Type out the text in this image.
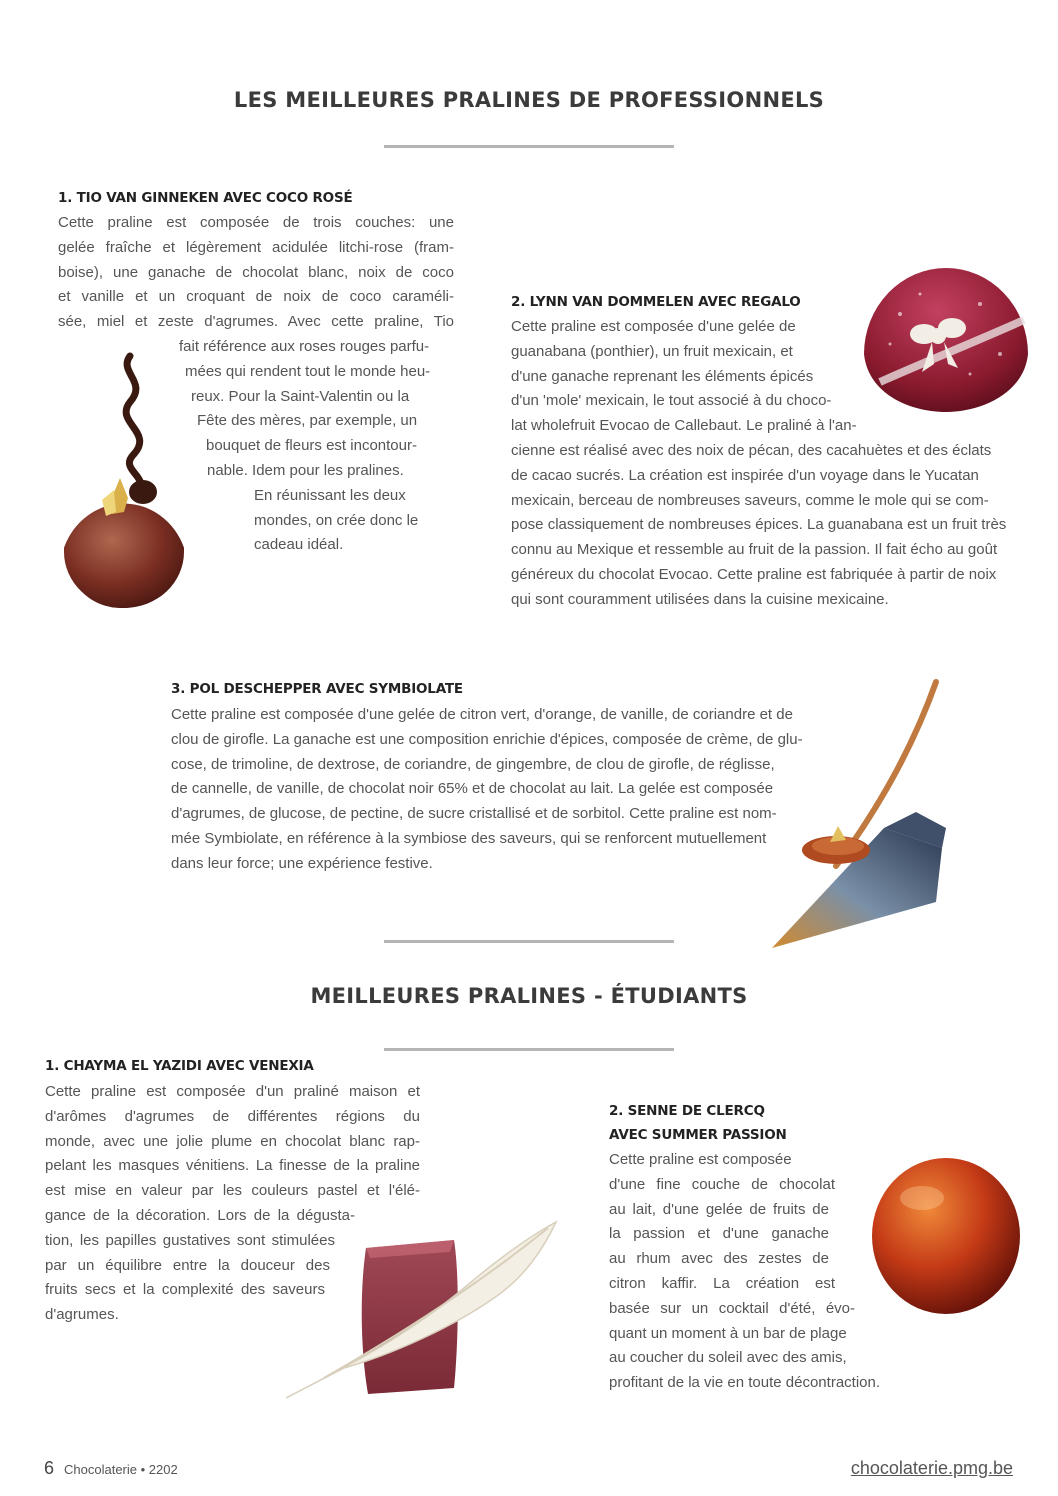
LES MEILLEURES PRALINES DE PROFESSIONNELS

1. TIO VAN GINNEKEN AVEC COCO ROSÉ

Cette praline est composée de trois couches: une
gelée fraîche et légèrement acidulée litchi-rose (fram-
boise), une ganache de chocolat blanc, noix de coco
et vanille et un croquant de noix de coco caraméli-
sée, miel et zeste d'agrumes. Avec cette praline, Tio
fait référence aux roses rouges parfu-
mées qui rendent tout le monde heu-
reux. Pour la Saint-Valentin ou la
Fête des mères, par exemple, un
bouquet de fleurs est incontour-
nable. Idem pour les pralines.
En réunissant les deux
mondes, on crée donc le
cadeau idéal.

2. LYNN VAN DOMMELEN AVEC REGALO

Cette praline est composée d'une gelée de
guanabana (ponthier), un fruit mexicain, et
d'une ganache reprenant les éléments épicés
d'un 'mole' mexicain, le tout associé à du choco-
lat wholefruit Evocao de Callebaut. Le praliné à l'an-
cienne est réalisé avec des noix de pécan, des cacahuètes et des éclats
de cacao sucrés. La création est inspirée d'un voyage dans le Yucatan
mexicain, berceau de nombreuses saveurs, comme le mole qui se com-
pose classiquement de nombreuses épices. La guanabana est un fruit très
connu au Mexique et ressemble au fruit de la passion. Il fait écho au goût
généreux du chocolat Evocao. Cette praline est fabriquée à partir de noix
qui sont couramment utilisées dans la cuisine mexicaine.

3. POL DESCHEPPER AVEC SYMBIOLATE

Cette praline est composée d'une gelée de citron vert, d'orange, de vanille, de coriandre et de
clou de girofle. La ganache est une composition enrichie d'épices, composée de crème, de glu-
cose, de trimoline, de dextrose, de coriandre, de gingembre, de clou de girofle, de réglisse,
de cannelle, de vanille, de chocolat noir 65% et de chocolat au lait. La gelée est composée
d'agrumes, de glucose, de pectine, de sucre cristallisé et de sorbitol. Cette praline est nom-
mée Symbiolate, en référence à la symbiose des saveurs, qui se renforcent mutuellement
dans leur force; une expérience festive.
MEILLEURES PRALINES - ÉTUDIANTS

1. CHAYMA EL YAZIDI AVEC VENEXIA

Cette praline est composée d'un praliné maison et
d'arômes d'agrumes de différentes régions du
monde, avec une jolie plume en chocolat blanc rap-
pelant les masques vénitiens. La finesse de la praline
est mise en valeur par les couleurs pastel et l'élé-
gance de la décoration. Lors de la dégusta-
tion, les papilles gustatives sont stimulées
par un équilibre entre la douceur des
fruits secs et la complexité des saveurs
d'agrumes.

2. SENNE DE CLERCQ

AVEC SUMMER PASSION

Cette praline est composée
d'une fine couche de chocolat
au lait, d'une gelée de fruits de
la passion et d'une ganache
au rhum avec des zestes de
citron kaffir. La création est
basée sur un cocktail d'été, évo-
quant un moment à un bar de plage
au coucher du soleil avec des amis,
profitant de la vie en toute décontraction.
6 Chocolaterie • 2202	chocolaterie.pmg.be
